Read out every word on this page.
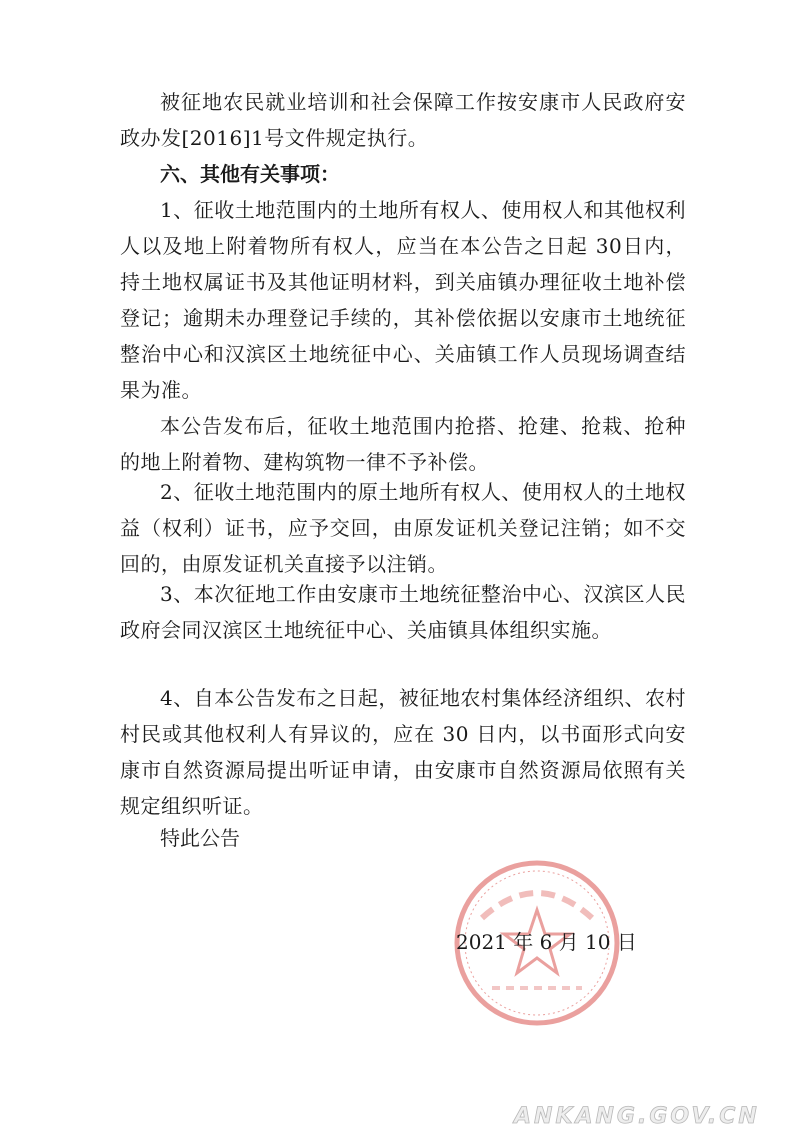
被征地农民就业培训和社会保障工作按安康市人民政府安政办发[2016]1号文件规定执行。

六、其他有关事项：

1、征收土地范围内的土地所有权人、使用权人和其他权利人以及地上附着物所有权人，应当在本公告之日起 30日内，持土地权属证书及其他证明材料，到关庙镇办理征收土地补偿登记；逾期未办理登记手续的，其补偿依据以安康市土地统征整治中心和汉滨区土地统征中心、关庙镇工作人员现场调查结果为准。

本公告发布后，征收土地范围内抢搭、抢建、抢栽、抢种的地上附着物、建构筑物一律不予补偿。

2、征收土地范围内的原土地所有权人、使用权人的土地权益（权利）证书，应予交回，由原发证机关登记注销；如不交回的，由原发证机关直接予以注销。

3、本次征地工作由安康市土地统征整治中心、汉滨区人民政府会同汉滨区土地统征中心、关庙镇具体组织实施。

4、自本公告发布之日起，被征地农村集体经济组织、农村村民或其他权利人有异议的，应在 30 日内，以书面形式向安康市自然资源局提出听证申请，由安康市自然资源局依照有关规定组织听证。

特此公告

2021 年 6 月 10 日

ANKANG.GOV.CN
